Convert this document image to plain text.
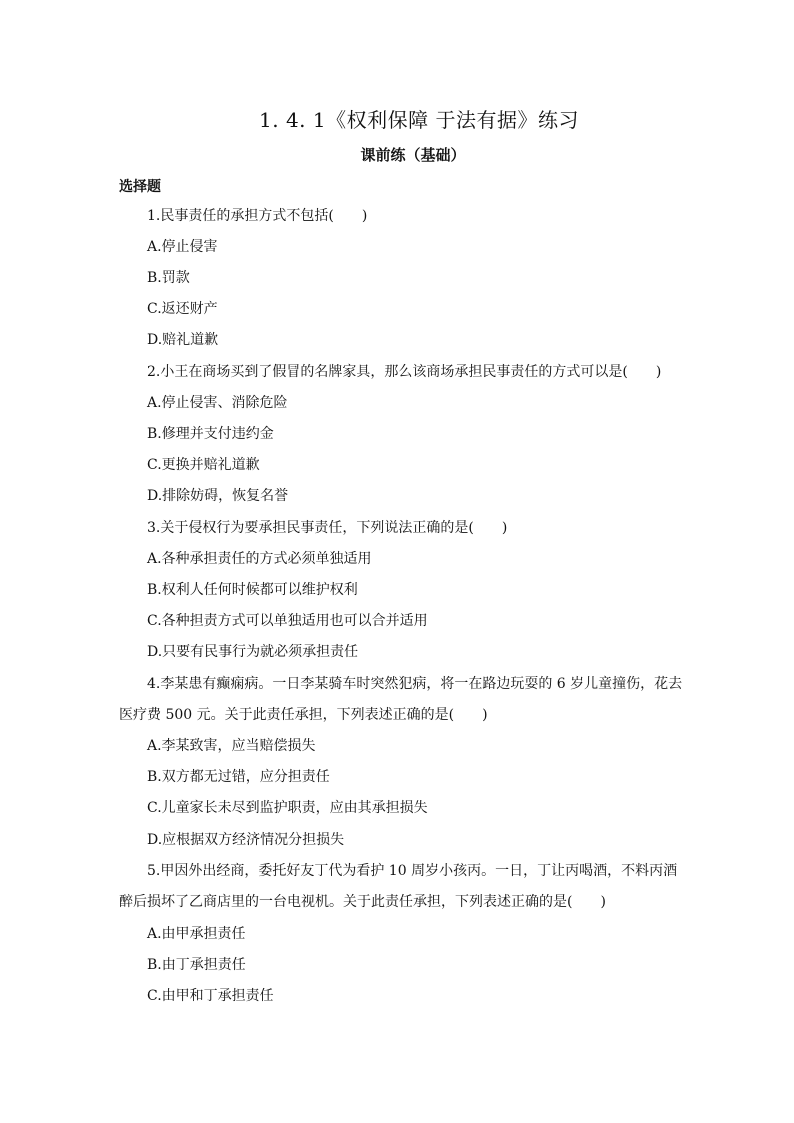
1. 4. 1《权利保障 于法有据》练习
课前练（基础）
选择题
1.民事责任的承担方式不包括(　　)
A.停止侵害
B.罚款
C.返还财产
D.赔礼道歉
2.小王在商场买到了假冒的名牌家具，那么该商场承担民事责任的方式可以是(　　)
A.停止侵害、消除危险
B.修理并支付违约金
C.更换并赔礼道歉
D.排除妨碍，恢复名誉
3.关于侵权行为要承担民事责任，下列说法正确的是(　　)
A.各种承担责任的方式必须单独适用
B.权利人任何时候都可以维护权利
C.各种担责方式可以单独适用也可以合并适用
D.只要有民事行为就必须承担责任
4.李某患有癫痫病。一日李某骑车时突然犯病，将一在路边玩耍的 6 岁儿童撞伤，花去
医疗费 500 元。关于此责任承担，下列表述正确的是(　　)
A.李某致害，应当赔偿损失
B.双方都无过错，应分担责任
C.儿童家长未尽到监护职责，应由其承担损失
D.应根据双方经济情况分担损失
5.甲因外出经商，委托好友丁代为看护 10 周岁小孩丙。一日，丁让丙喝酒，不料丙酒
醉后损坏了乙商店里的一台电视机。关于此责任承担，下列表述正确的是(　　)
A.由甲承担责任
B.由丁承担责任
C.由甲和丁承担责任
